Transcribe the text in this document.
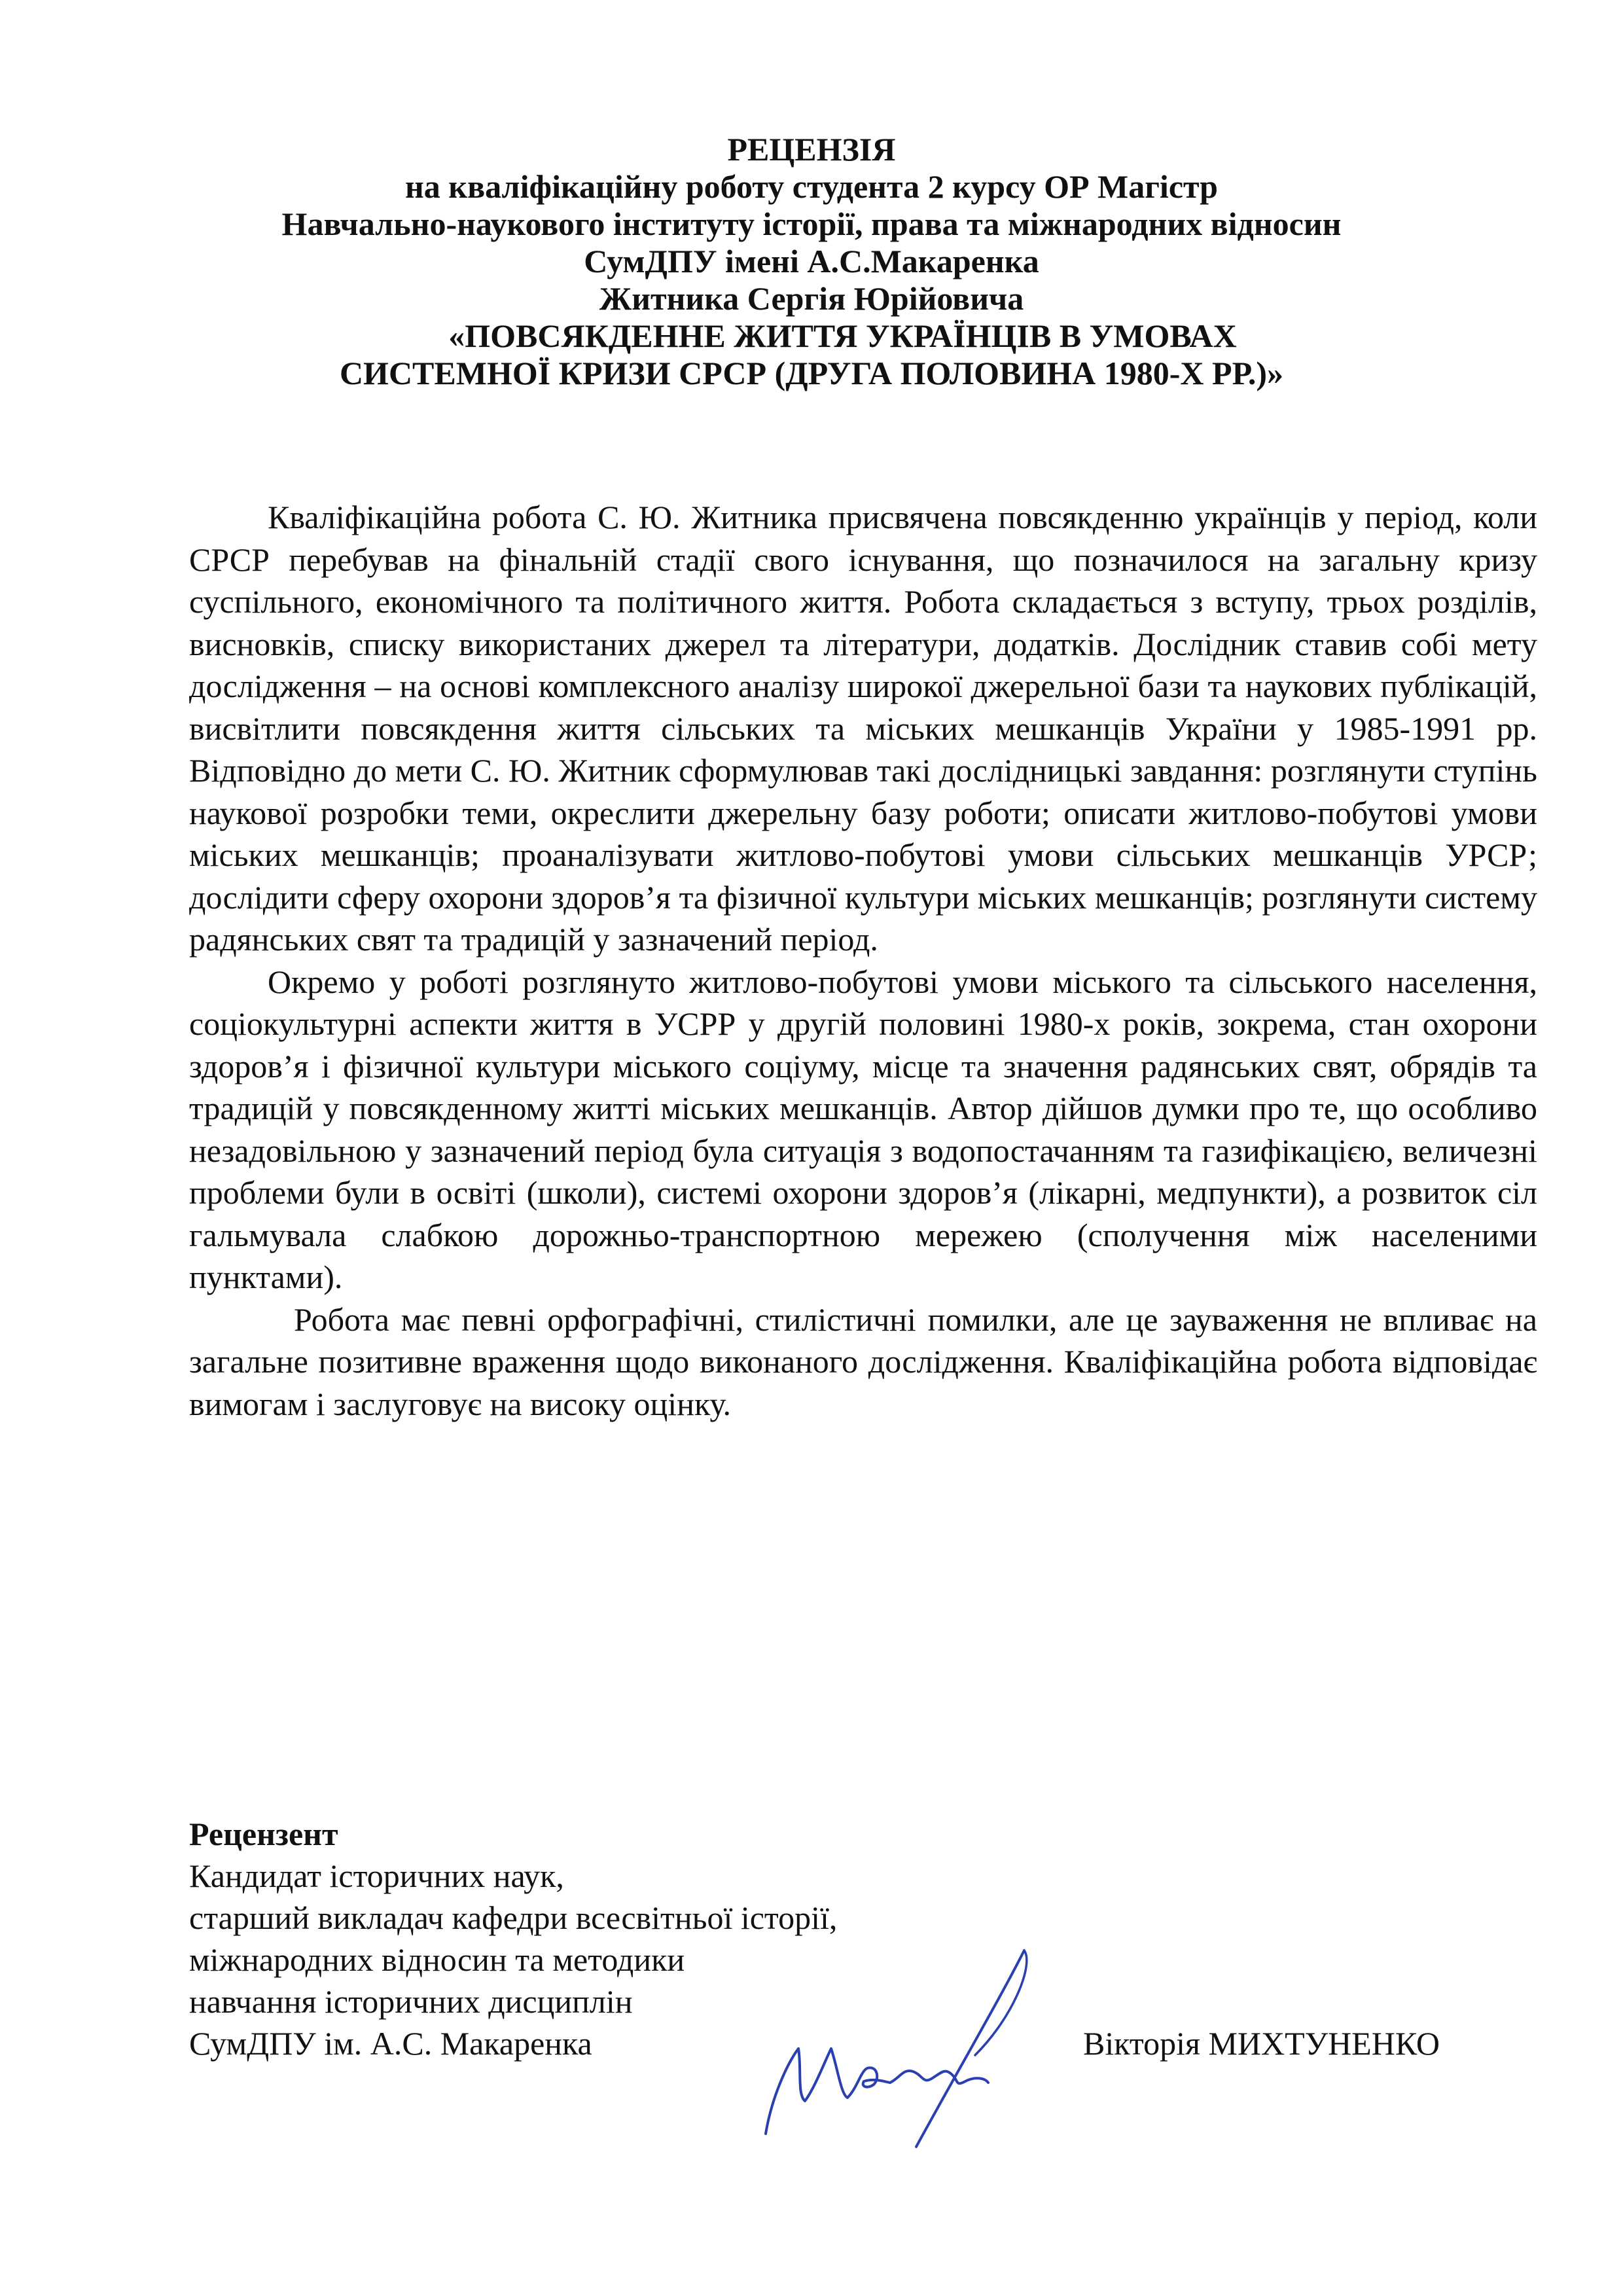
РЕЦЕНЗІЯ
на кваліфікаційну роботу студента 2 курсу ОР Магістр
Навчально-наукового інституту історії, права та міжнародних відносин
СумДПУ імені А.С.Макаренка
Житника Сергія Юрійовича
«ПОВСЯКДЕННЕ ЖИТТЯ УКРАЇНЦІВ В УМОВАХ
СИСТЕМНОЇ КРИЗИ СРСР (ДРУГА ПОЛОВИНА 1980-Х РР.)»

Кваліфікаційна робота С. Ю. Житника присвячена повсякденню українців у період, коли СРСР перебував на фінальній стадії свого існування, що позначилося на загальну кризу суспільного, економічного та політичного життя. Робота складається з вступу, трьох розділів, висновків, списку використаних джерел та літератури, додатків. Дослідник ставив собі мету дослідження – на основі комплексного аналізу широкої джерельної бази та наукових публікацій, висвітлити повсякдення життя сільських та міських мешканців України у 1985-1991 рр. Відповідно до мети С. Ю. Житник сформулював такі дослідницькі завдання: розглянути ступінь наукової розробки теми, окреслити джерельну базу роботи; описати житлово-побутові умови міських мешканців; проаналізувати житлово-побутові умови сільських мешканців УРСР; дослідити сферу охорони здоров’я та фізичної культури міських мешканців; розглянути систему радянських свят та традицій у зазначений період.

Окремо у роботі розглянуто житлово-побутові умови міського та сільського населення, соціокультурні аспекти життя в УСРР у другій половині 1980-х років, зокрема, стан охорони здоров’я і фізичної культури міського соціуму, місце та значення радянських свят, обрядів та традицій у повсякденному житті міських мешканців. Автор дійшов думки про те, що особливо незадовільною у зазначений період була ситуація з водопостачанням та газифікацією, величезні проблеми були в освіті (школи), системі охорони здоров’я (лікарні, медпункти), а розвиток сіл гальмувала слабкою дорожньо-транспортною мережею (сполучення між населеними пунктами).

Робота має певні орфографічні, стилістичні помилки, але це зауваження не впливає на загальне позитивне враження щодо виконаного дослідження. Кваліфікаційна робота відповідає вимогам і заслуговує на високу оцінку.

Рецензент
Кандидат історичних наук,
старший викладач кафедри всесвітньої історії,
міжнародних відносин та методики
навчання історичних дисциплін
СумДПУ ім. А.С. Макаренка	Вікторія МИХТУНЕНКО
